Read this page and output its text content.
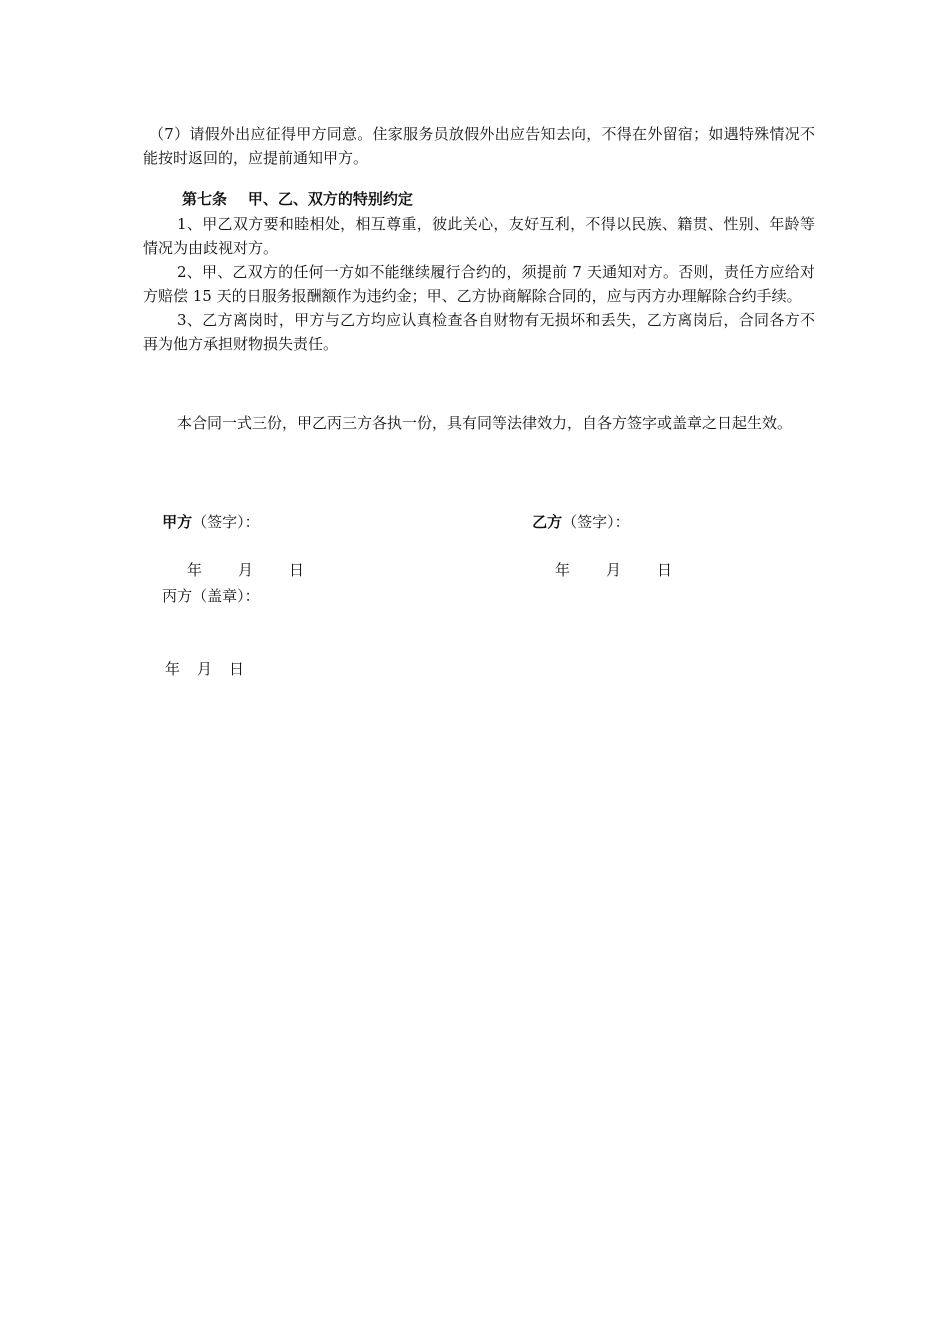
（7）请假外出应征得甲方同意。住家服务员放假外出应告知去向，不得在外留宿；如遇特殊情况不能按时返回的，应提前通知甲方。

第七条    甲、乙、双方的特别约定

1、甲乙双方要和睦相处，相互尊重，彼此关心，友好互利，不得以民族、籍贯、性别、年龄等情况为由歧视对方。

2、甲、乙双方的任何一方如不能继续履行合约的，须提前 7 天通知对方。否则，责任方应给对方赔偿 15 天的日服务报酬额作为违约金；甲、乙方协商解除合同的，应与丙方办理解除合约手续。

3、乙方离岗时，甲方与乙方均应认真检查各自财物有无损坏和丢失，乙方离岗后，合同各方不再为他方承担财物损失责任。

本合同一式三份，甲乙丙三方各执一份，具有同等法律效力，自各方签字或盖章之日起生效。

甲方（签字）：

年 月 日

乙方（签字）：

年 月 日

丙方（盖章）：

年 月 日
